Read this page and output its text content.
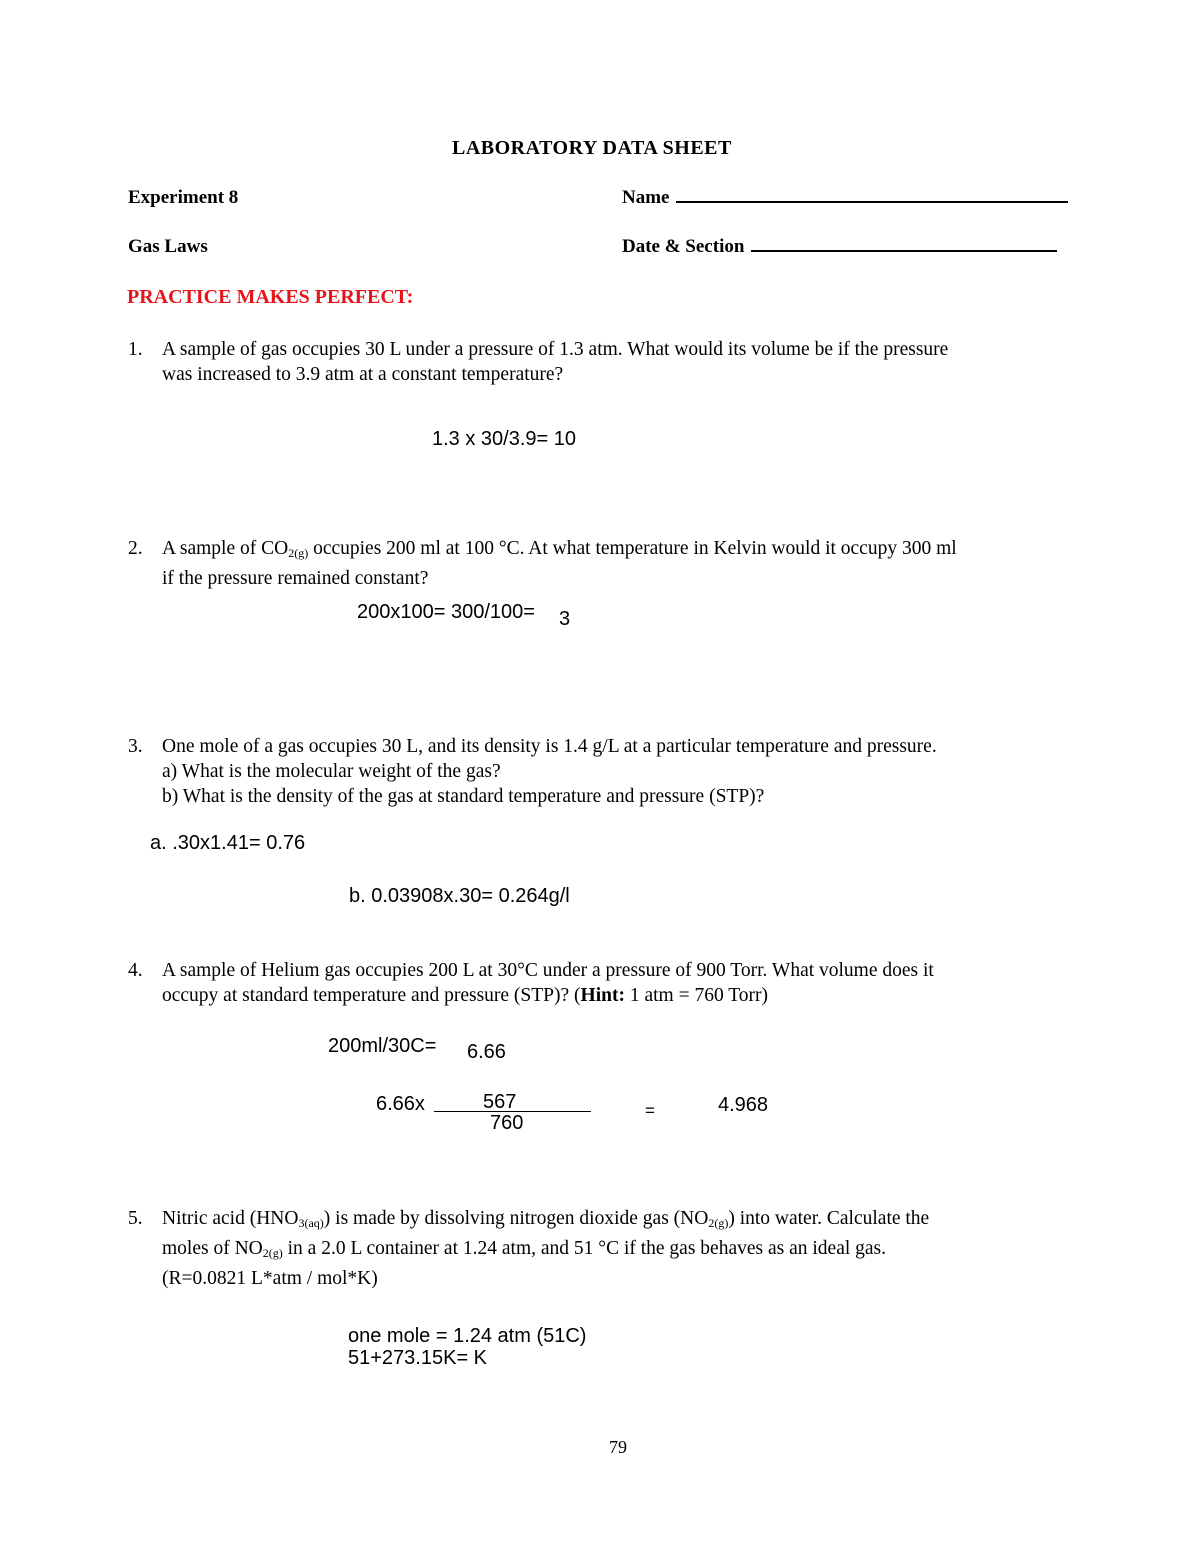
LABORATORY DATA SHEET
Experiment 8
Gas Laws
Name
Date & Section
PRACTICE MAKES PERFECT:
1. A sample of gas occupies 30 L under a pressure of 1.3 atm. What would its volume be if the pressure
was increased to 3.9 atm at a constant temperature?
1.3 x 30/3.9= 10
2. A sample of $CO_{2(g)}$ occupies 200 ml at 100 °C. At what temperature in Kelvin would it occupy 300 ml
if the pressure remained constant?
200x100= 300/100= 3
3. One mole of a gas occupies 30 L, and its density is 1.4 g/L at a particular temperature and pressure.
a) What is the molecular weight of the gas?
b) What is the density of the gas at standard temperature and pressure (STP)?
a. .30x1.41= 0.76
b. 0.03908x.30= 0.264g/l
4. A sample of Helium gas occupies 200 L at 30°C under a pressure of 900 Torr. What volume does it
occupy at standard temperature and pressure (STP)? (Hint: 1 atm = 760 Torr)
200ml/30C= 6.66
6.66x	567
760
=	4.968
5. Nitric acid $(HNO_{3(aq)})$ is made by dissolving nitrogen dioxide gas $(NO_{2(g)})$ into water. Calculate the
moles of $NO_{2(g)}$ in a 2.0 L container at 1.24 atm, and 51 °C if the gas behaves as an ideal gas.
(R=0.0821 L*atm / mol*K)
one mole = 1.24 atm (51C)
51+273.15K= K
79
